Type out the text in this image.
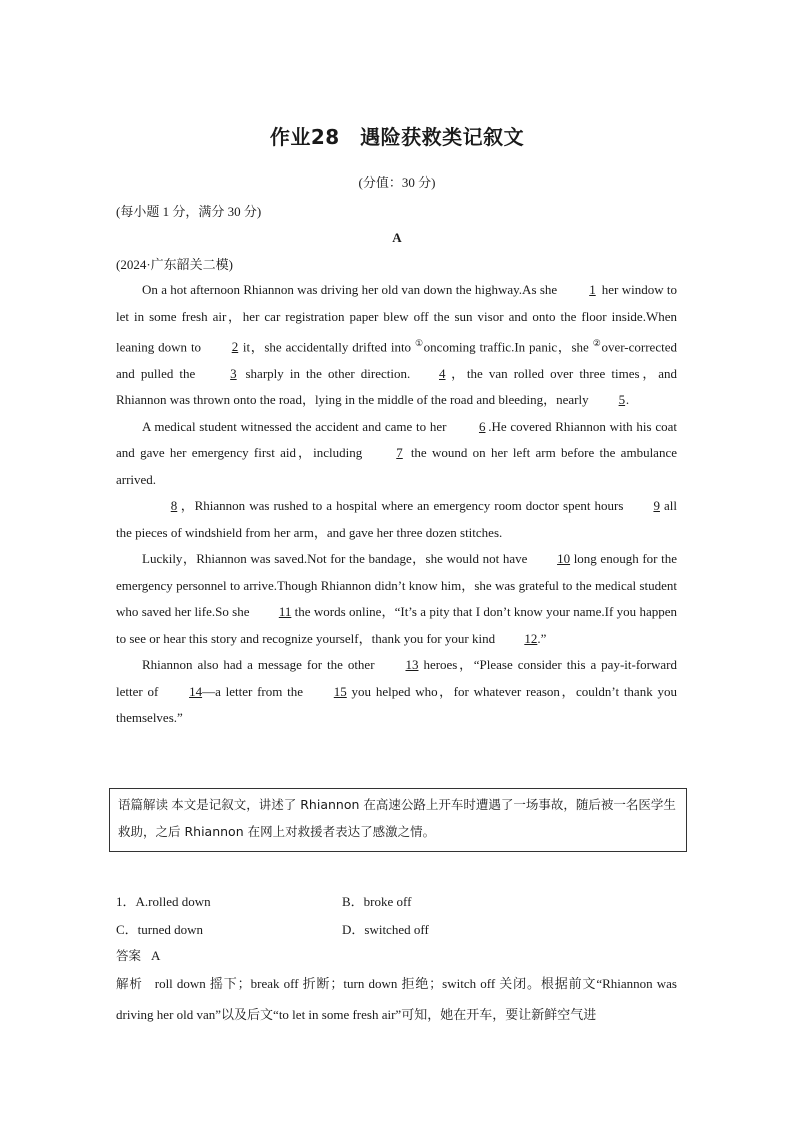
作业28　遇险获救类记叙文
(分值：30 分)
(每小题 1 分，满分 30 分)
A
(2024·广东韶关二模)

On a hot afternoon Rhiannon was driving her old van down the highway.As she 1 her window to let in some fresh air，her car registration paper blew off the sun visor and onto the floor inside.When leaning down to 2 it，she accidentally drifted into ①oncoming traffic.In panic，she ②over-corrected and pulled the 3 sharply in the other direction. 4 ，the van rolled over three times，and Rhiannon was thrown onto the road，lying in the middle of the road and bleeding，nearly 5.

A medical student witnessed the accident and came to her 6 .He covered Rhiannon with his coat and gave her emergency first aid，including 7 the wound on her left arm before the ambulance arrived.

8 ，Rhiannon was rushed to a hospital where an emergency room doctor spent hours 9 all the pieces of windshield from her arm，and gave her three dozen stitches.

Luckily，Rhiannon was saved.Not for the bandage，she would not have 10 long enough for the emergency personnel to arrive.Though Rhiannon didn’t know him，she was grateful to the medical student who saved her life.So she 11 the words online，“It’s a pity that I don’t know your name.If you happen to see or hear this story and recognize yourself，thank you for your kind 12.”

Rhiannon also had a message for the other 13 heroes，“Please consider this a pay-it-forward letter of 14—a letter from the 15 you helped who，for whatever reason，couldn’t thank you themselves.”

语篇解读 本文是记叙文，讲述了 Rhiannon 在高速公路上开车时遭遇了一场事故，随后被一名医学生救助，之后 Rhiannon 在网上对救援者表达了感激之情。
1．A.rolled down	B．broke off
C．turned down	D．switched off
答案 A
解析 roll down 摇下；break off 折断；turn down 拒绝；switch off 关闭。根据前文“Rhiannon was driving her old van”以及后文“to let in some fresh air”可知，她在开车，要让新鲜空气进
